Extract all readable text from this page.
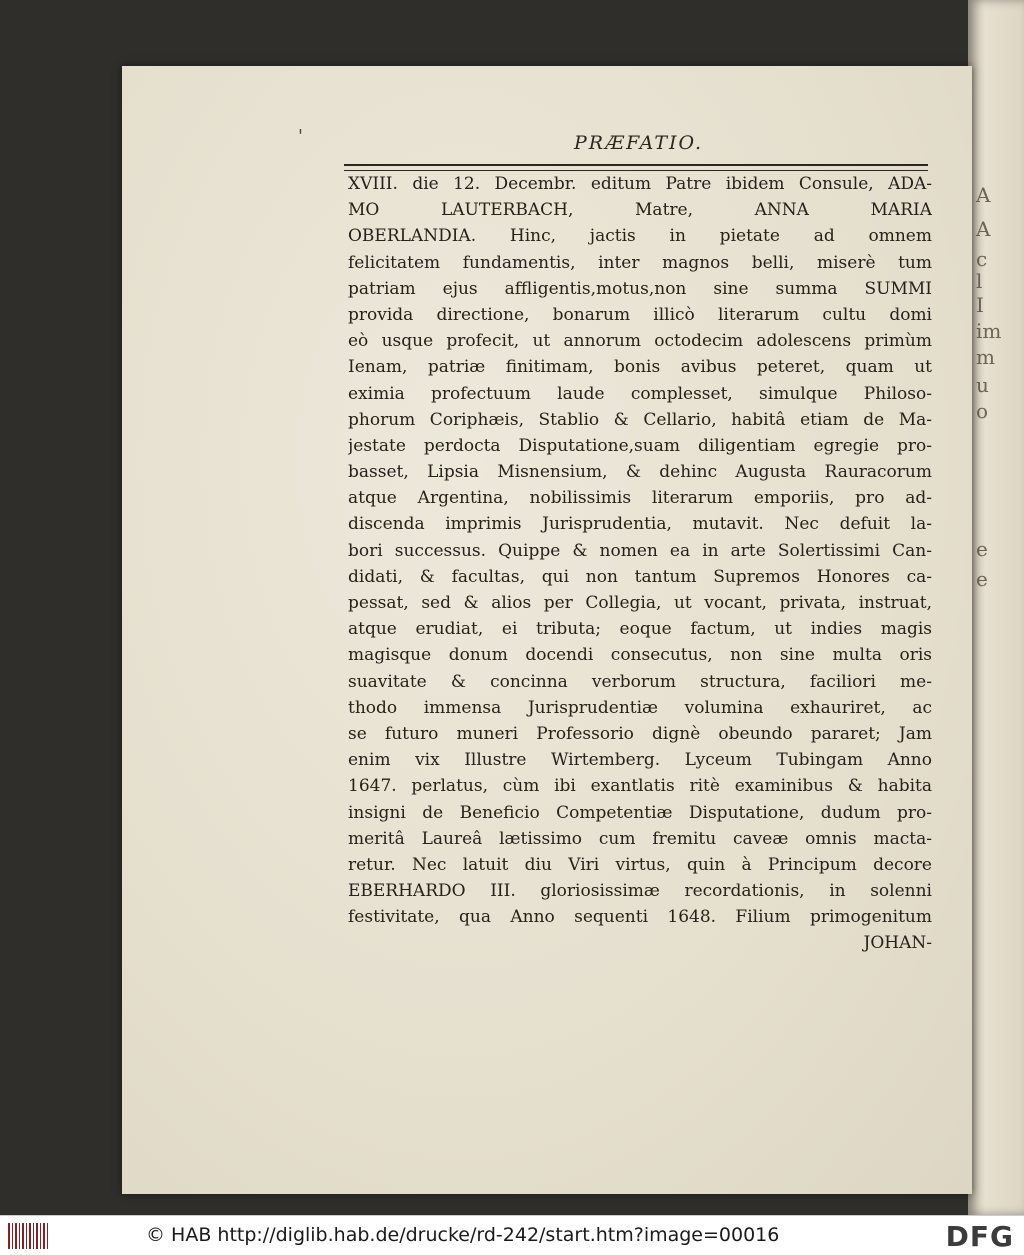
A
A
c
l
I
im
m
u
o
e
e
'	PRÆFATIO.
XVIII. die 12. Decembr. editum Patre ibidem Consule, ADA-
MO LAUTERBACH, Matre, ANNA MARIA
OBERLANDIA. Hinc, jactis in pietate ad omnem
felicitatem fundamentis, inter magnos belli, miserè tum
patriam ejus affligentis,motus,non sine summa SUMMI
provida directione, bonarum illicò literarum cultu domi
eò usque profecit, ut annorum octodecim adolescens primùm
Ienam, patriæ finitimam, bonis avibus peteret, quam ut
eximia profectuum laude complesset, simulque Philoso-
phorum Coriphæis, Stablio & Cellario, habitâ etiam de Ma-
jestate perdocta Disputatione,suam diligentiam egregie pro-
basset, Lipsia Misnensium, & dehinc Augusta Rauracorum
atque Argentina, nobilissimis literarum emporiis, pro ad-
discenda imprimis Jurisprudentia, mutavit. Nec defuit la-
bori successus. Quippe & nomen ea in arte Solertissimi Can-
didati, & facultas, qui non tantum Supremos Honores ca-
pessat, sed & alios per Collegia, ut vocant, privata, instruat,
atque erudiat, ei tributa; eoque factum, ut indies magis
magisque donum docendi consecutus, non sine multa oris
suavitate & concinna verborum structura, faciliori me-
thodo immensa Jurisprudentiæ volumina exhauriret, ac
se futuro muneri Professorio dignè obeundo pararet; Jam
enim vix Illustre Wirtemberg. Lyceum Tubingam Anno
1647. perlatus, cùm ibi exantlatis ritè examinibus & habita
insigni de Beneficio Competentiæ Disputatione, dudum pro-
meritâ Laureâ lætissimo cum fremitu caveæ omnis macta-
retur. Nec latuit diu Viri virtus, quin à Principum decore
EBERHARDO III. gloriosissimæ recordationis, in solenni
festivitate, qua Anno sequenti 1648. Filium primogenitum
JOHAN-

© HAB http://diglib.hab.de/drucke/rd-242/start.htm?image=00016	DFG
